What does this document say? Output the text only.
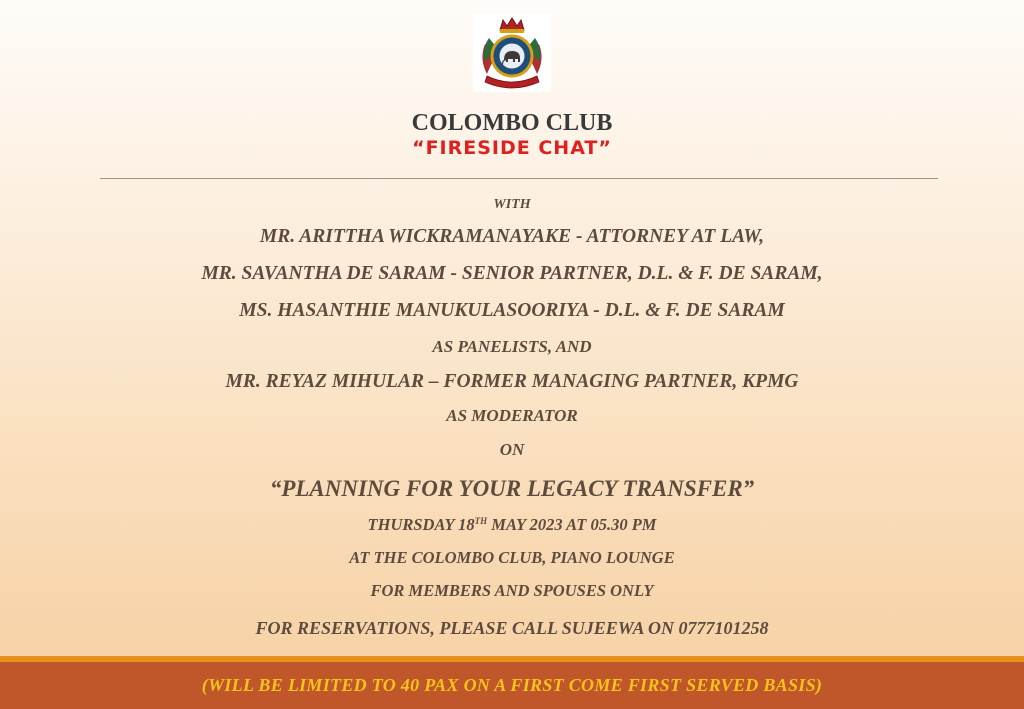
COLOMBO CLUB
“FIRESIDE CHAT”
WITH
MR. ARITTHA WICKRAMANAYAKE - ATTORNEY AT LAW,
MR. SAVANTHA DE SARAM - SENIOR PARTNER, D.L. & F. DE SARAM,
MS. HASANTHIE MANUKULASOORIYA - D.L. & F. DE SARAM
AS PANELISTS, AND
MR. REYAZ MIHULAR – FORMER MANAGING PARTNER, KPMG
AS MODERATOR
ON
“PLANNING FOR YOUR LEGACY TRANSFER”
THURSDAY 18TH MAY 2023 AT 05.30 PM
AT THE COLOMBO CLUB, PIANO LOUNGE
FOR MEMBERS AND SPOUSES ONLY
FOR RESERVATIONS, PLEASE CALL SUJEEWA ON 0777101258
(WILL BE LIMITED TO 40 PAX ON A FIRST COME FIRST SERVED BASIS)
